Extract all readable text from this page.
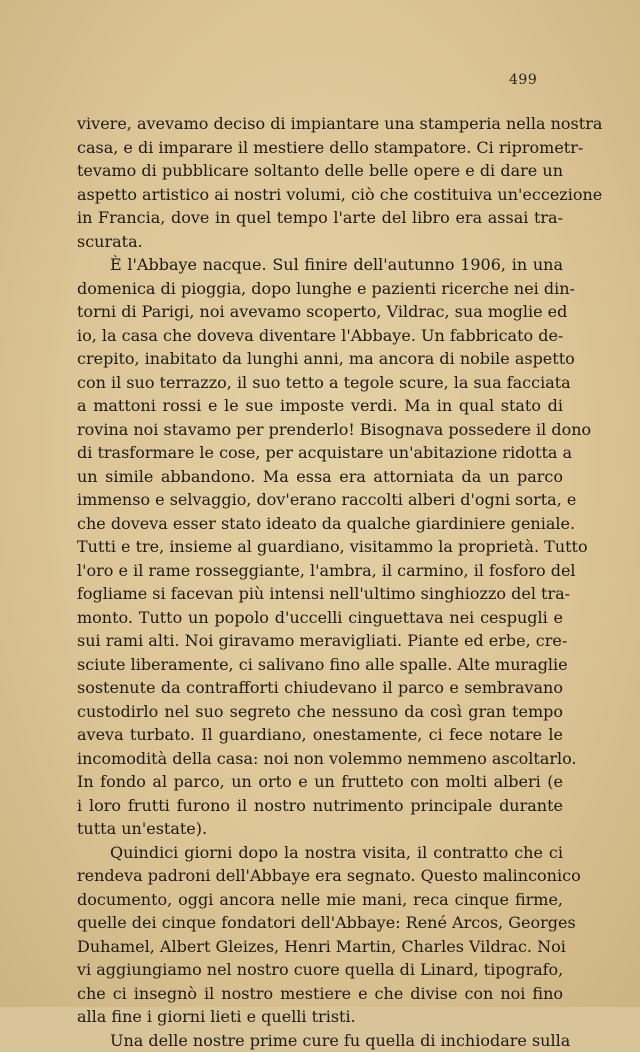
499
vivere, avevamo deciso di impiantare una stamperia nella nostra
casa, e di imparare il mestiere dello stampatore. Ci riprometr-
tevamo di pubblicare soltanto delle belle opere e di dare un
aspetto artistico ai nostri volumi, ciò che costituiva un'eccezione
in Francia, dove in quel tempo l'arte del libro era assai tra-
scurata.
È l'Abbaye nacque. Sul finire dell'autunno 1906, in una
domenica di pioggia, dopo lunghe e pazienti ricerche nei din-
torni di Parigi, noi avevamo scoperto, Vildrac, sua moglie ed
io, la casa che doveva diventare l'Abbaye. Un fabbricato de-
crepito, inabitato da lunghi anni, ma ancora di nobile aspetto
con il suo terrazzo, il suo tetto a tegole scure, la sua facciata
a mattoni rossi e le sue imposte verdi. Ma in qual stato di
rovina noi stavamo per prenderlo! Bisognava possedere il dono
di trasformare le cose, per acquistare un'abitazione ridotta a
un simile abbandono. Ma essa era attorniata da un parco
immenso e selvaggio, dov'erano raccolti alberi d'ogni sorta, e
che doveva esser stato ideato da qualche giardiniere geniale.
Tutti e tre, insieme al guardiano, visitammo la proprietà. Tutto
l'oro e il rame rosseggiante, l'ambra, il carmino, il fosforo del
fogliame si facevan più intensi nell'ultimo singhiozzo del tra-
monto. Tutto un popolo d'uccelli cinguettava nei cespugli e
sui rami alti. Noi giravamo meravigliati. Piante ed erbe, cre-
sciute liberamente, ci salivano fino alle spalle. Alte muraglie
sostenute da contrafforti chiudevano il parco e sembravano
custodirlo nel suo segreto che nessuno da così gran tempo
aveva turbato. Il guardiano, onestamente, ci fece notare le
incomodità della casa: noi non volemmo nemmeno ascoltarlo.
In fondo al parco, un orto e un frutteto con molti alberi (e
i loro frutti furono il nostro nutrimento principale durante
tutta un'estate).
Quindici giorni dopo la nostra visita, il contratto che ci
rendeva padroni dell'Abbaye era segnato. Questo malinconico
documento, oggi ancora nelle mie mani, reca cinque firme,
quelle dei cinque fondatori dell'Abbaye: René Arcos, Georges
Duhamel, Albert Gleizes, Henri Martin, Charles Vildrac. Noi
vi aggiungiamo nel nostro cuore quella di Linard, tipografo,
che ci insegnò il nostro mestiere e che divise con noi fino
alla fine i giorni lieti e quelli tristi.
Una delle nostre prime cure fu quella di inchiodare sulla
